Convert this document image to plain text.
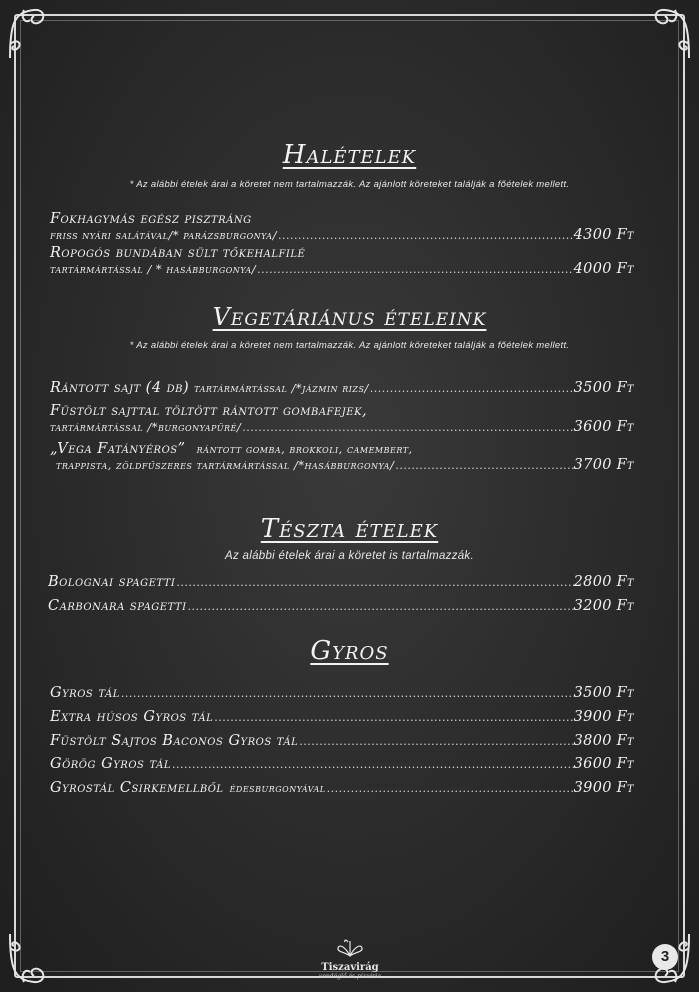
Halételek
* Az alábbi ételek árai a köretet nem tartalmazzák. Az ajánlott köreteket találják a főételek mellett.
Fokhagymás egész pisztráng
friss nyári salátával/* parázsburgonya/ .....	4300 Ft
Ropogós bundában sült tőkehalfilé
tartármártással / * hasábburgonya/ .....	4000 Ft
Vegetáriánus ételeink
* Az alábbi ételek árai a köretet nem tartalmazzák. Az ajánlott köreteket találják a főételek mellett.
Rántott sajt (4 db) tartármártással /*jázmin rizs/ .....	3500 Ft
Füstölt sajttal töltött rántott gombafejek,
tartármártással /*burgonyapüré/ .....	3600 Ft
„Vega Fatányéros” rántott gomba, brokkoli, camembert,
trappista, zöldfűszeres tartármártással /*hasábburgonya/ .....	3700 Ft
Tészta ételek
Az alábbi ételek árai a köretet is tartalmazzák.
Bolognai spagetti .....	2800 Ft
Carbonara spagetti .....	3200 Ft
Gyros
Gyros tál .....	3500 Ft
Extra húsos Gyros tál .....	3900 Ft
Füstölt Sajtos Baconos Gyros tál .....	3800 Ft
Görög Gyros tál .....	3600 Ft
Gyrostál Csirkemellből édesburgonyával .....	3900 Ft
Tiszavirág
vendéglő és pizzéria
3
